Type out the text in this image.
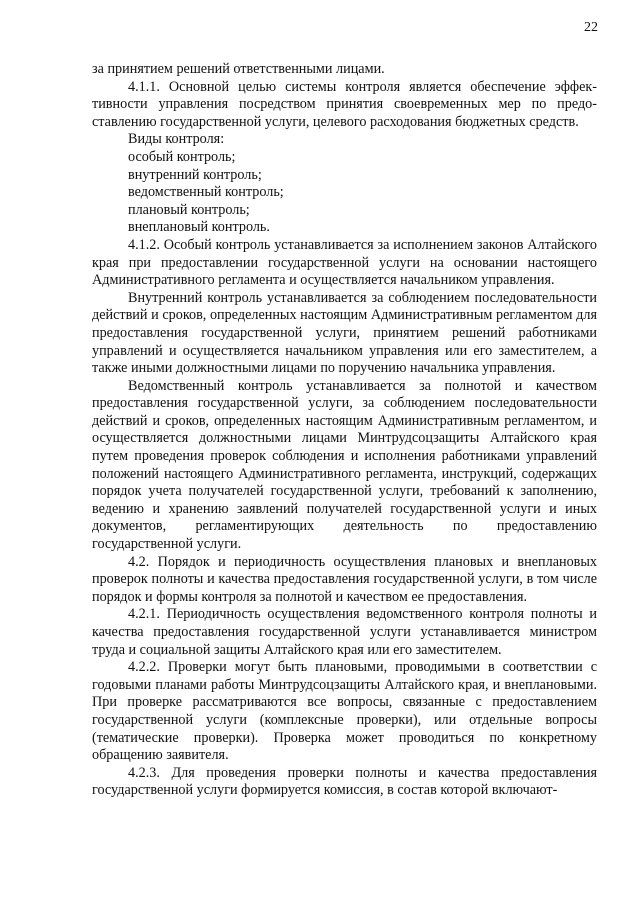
22

за принятием решений ответственными лицами.

4.1.1. Основной целью системы контроля является обеспечение эффективности управления посредством принятия своевременных мер по предоставлению государственной услуги, целевого расходования бюджетных средств.

Виды контроля:

особый контроль;
внутренний контроль;
ведомственный контроль;
плановый контроль;
внеплановый контроль.

4.1.2. Особый контроль устанавливается за исполнением законов Алтайского края при предоставлении государственной услуги на основании настоящего Административного регламента и осуществляется начальником управления.

Внутренний контроль устанавливается за соблюдением последовательности действий и сроков, определенных настоящим Административным регламентом для предоставления государственной услуги, принятием решений работниками управлений и осуществляется начальником управления или его заместителем, а также иными должностными лицами по поручению начальника управления.

Ведомственный контроль устанавливается за полнотой и качеством предоставления государственной услуги, за соблюдением последовательности действий и сроков, определенных настоящим Административным регламентом, и осуществляется должностными лицами Минтрудсоцзащиты Алтайского края путем проведения проверок соблюдения и исполнения работниками управлений положений настоящего Административного регламента, инструкций, содержащих порядок учета получателей государственной услуги, требований к заполнению, ведению и хранению заявлений получателей государственной услуги и иных документов, регламентирующих деятельность по предоставлению государственной услуги.

4.2. Порядок и периодичность осуществления плановых и внеплановых проверок полноты и качества предоставления государственной услуги, в том числе порядок и формы контроля за полнотой и качеством ее предоставления.

4.2.1. Периодичность осуществления ведомственного контроля полноты и качества предоставления государственной услуги устанавливается министром труда и социальной защиты Алтайского края или его заместителем.

4.2.2. Проверки могут быть плановыми, проводимыми в соответствии с годовыми планами работы Минтрудсоцзащиты Алтайского края, и внеплановыми. При проверке рассматриваются все вопросы, связанные с предоставлением государственной услуги (комплексные проверки), или отдельные вопросы (тематические проверки). Проверка может проводиться по конкретному обращению заявителя.

4.2.3. Для проведения проверки полноты и качества предоставления государственной услуги формируется комиссия, в состав которой включают-
